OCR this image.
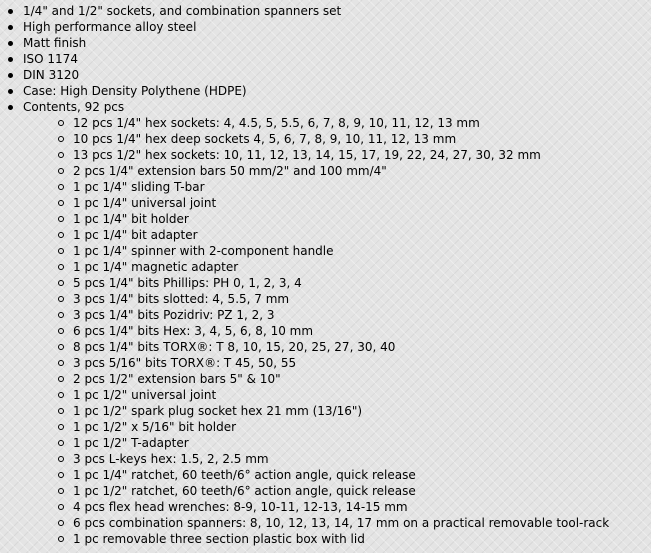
1/4" and 1/2" sockets, and combination spanners set
High performance alloy steel
Matt finish
ISO 1174
DIN 3120
Case: High Density Polythene (HDPE)
Contents, 92 pcs
12 pcs 1/4" hex sockets: 4, 4.5, 5, 5.5, 6, 7, 8, 9, 10, 11, 12, 13 mm
10 pcs 1/4" hex deep sockets 4, 5, 6, 7, 8, 9, 10, 11, 12, 13 mm
13 pcs 1/2" hex sockets: 10, 11, 12, 13, 14, 15, 17, 19, 22, 24, 27, 30, 32 mm
2 pcs 1/4" extension bars 50 mm/2" and 100 mm/4"
1 pc 1/4" sliding T-bar
1 pc 1/4" universal joint
1 pc 1/4" bit holder
1 pc 1/4" bit adapter
1 pc 1/4" spinner with 2-component handle
1 pc 1/4" magnetic adapter
5 pcs 1/4" bits Phillips: PH 0, 1, 2, 3, 4
3 pcs 1/4" bits slotted: 4, 5.5, 7 mm
3 pcs 1/4" bits Pozidriv: PZ 1, 2, 3
6 pcs 1/4" bits Hex: 3, 4, 5, 6, 8, 10 mm
8 pcs 1/4" bits TORX®: T 8, 10, 15, 20, 25, 27, 30, 40
3 pcs 5/16" bits TORX®: T 45, 50, 55
2 pcs 1/2" extension bars 5" & 10"
1 pc 1/2" universal joint
1 pc 1/2" spark plug socket hex 21 mm (13/16")
1 pc 1/2" x 5/16" bit holder
1 pc 1/2" T-adapter
3 pcs L-keys hex: 1.5, 2, 2.5 mm
1 pc 1/4" ratchet, 60 teeth/6° action angle, quick release
1 pc 1/2" ratchet, 60 teeth/6° action angle, quick release
4 pcs flex head wrenches: 8-9, 10-11, 12-13, 14-15 mm
6 pcs combination spanners: 8, 10, 12, 13, 14, 17 mm on a practical removable tool-rack
1 pc removable three section plastic box with lid
